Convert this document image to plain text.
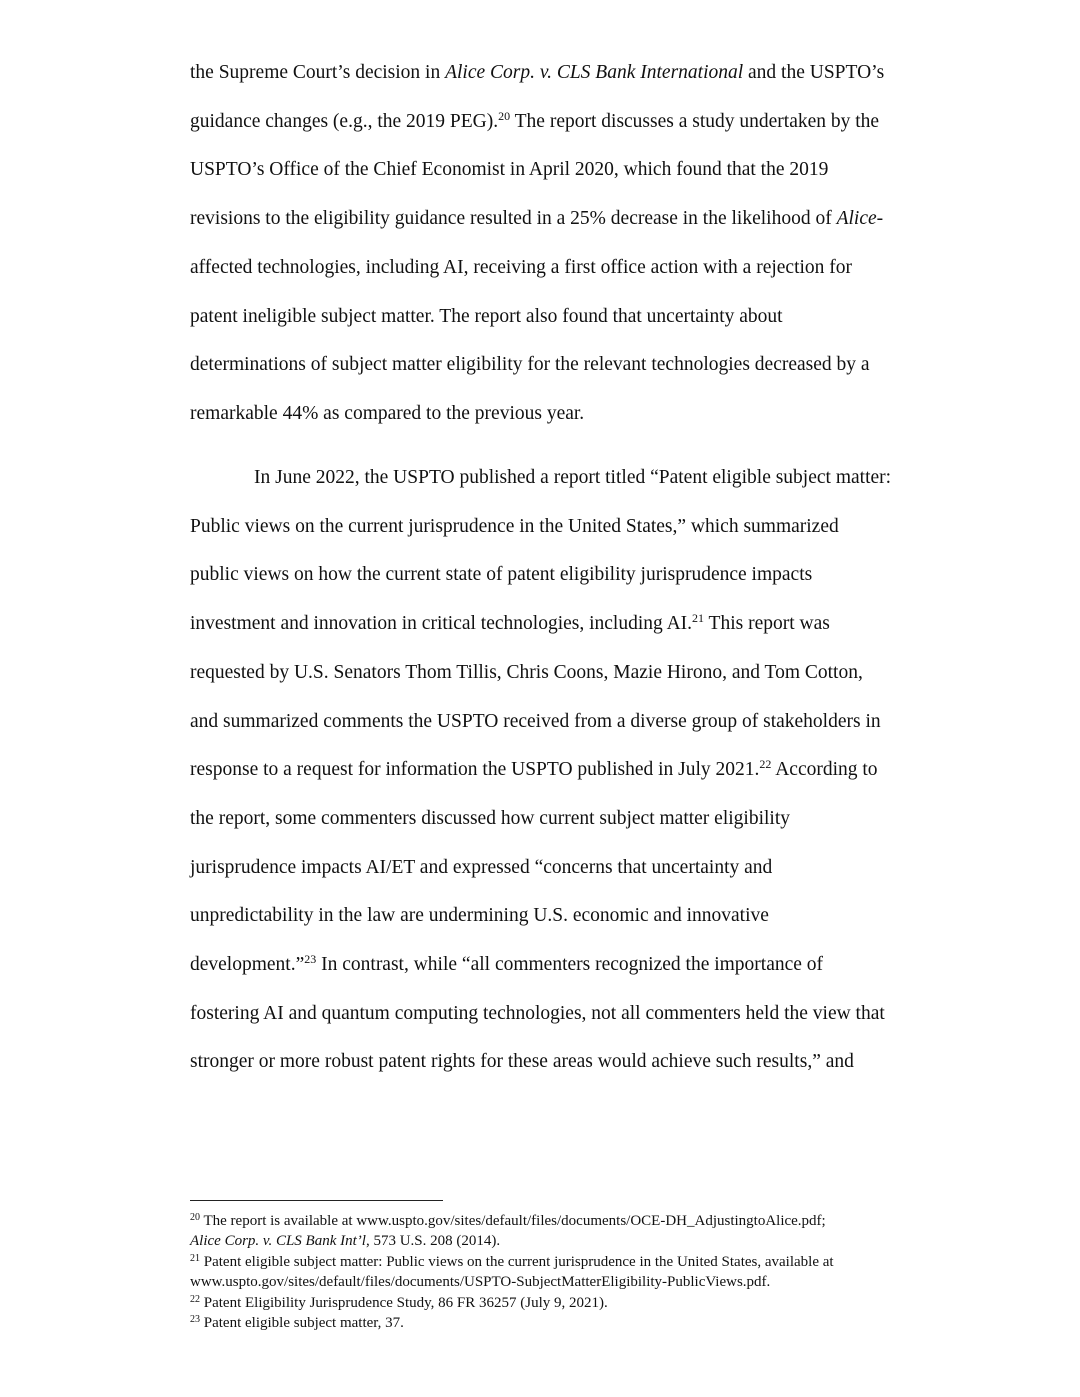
the Supreme Court’s decision in Alice Corp. v. CLS Bank International and the USPTO’s
guidance changes (e.g., the 2019 PEG).$^{20}$ The report discusses a study undertaken by the
USPTO’s Office of the Chief Economist in April 2020, which found that the 2019
revisions to the eligibility guidance resulted in a 25% decrease in the likelihood of Alice-
affected technologies, including AI, receiving a first office action with a rejection for
patent ineligible subject matter. The report also found that uncertainty about
determinations of subject matter eligibility for the relevant technologies decreased by a
remarkable 44% as compared to the previous year.
In June 2022, the USPTO published a report titled “Patent eligible subject matter:
Public views on the current jurisprudence in the United States,” which summarized
public views on how the current state of patent eligibility jurisprudence impacts
investment and innovation in critical technologies, including AI.$^{21}$ This report was
requested by U.S. Senators Thom Tillis, Chris Coons, Mazie Hirono, and Tom Cotton,
and summarized comments the USPTO received from a diverse group of stakeholders in
response to a request for information the USPTO published in July 2021.22 According to
the report, some commenters discussed how current subject matter eligibility
jurisprudence impacts AI/ET and expressed “concerns that uncertainty and
unpredictability in the law are undermining U.S. economic and innovative
development.”$^{23}$ In contrast, while “all commenters recognized the importance of
fostering AI and quantum computing technologies, not all commenters held the view that
stronger or more robust patent rights for these areas would achieve such results,” and
$^{20}$ The report is available at www.uspto.gov/sites/default/files/documents/OCE-DH_AdjustingtoAlice.pdf;
Alice Corp. v. CLS Bank Int’l, 573 U.S. 208 (2014).
$^{21}$ Patent eligible subject matter: Public views on the current jurisprudence in the United States, available at
www.uspto.gov/sites/default/files/documents/USPTO-SubjectMatterEligibility-PublicViews.pdf.
$^{22}$ Patent Eligibility Jurisprudence Study, 86 FR 36257 (July 9, 2021).
$^{23}$ Patent eligible subject matter, 37.
